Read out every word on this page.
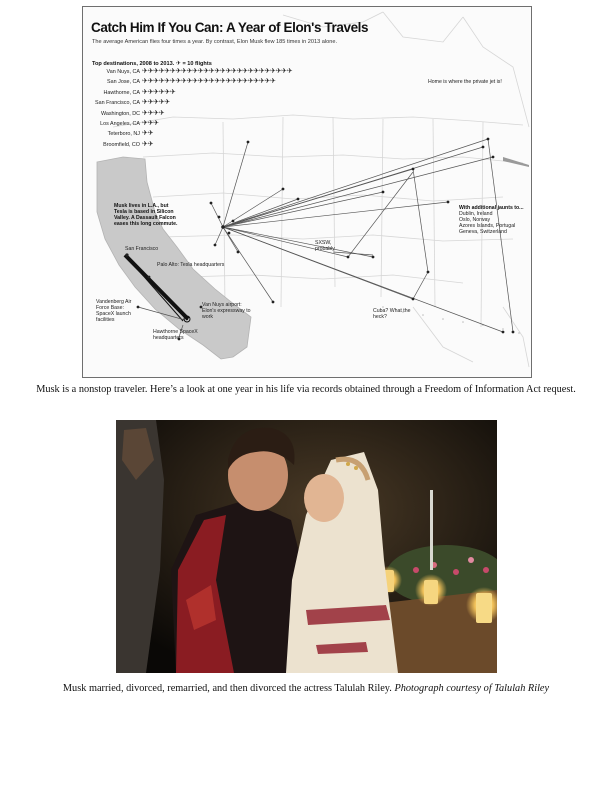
Catch Him If You Can: A Year of Elon's Travels
The average American flies four times a year. By contrast, Elon Musk flew 185 times in 2013 alone.
Top destinations, 2008 to 2013. ✈ = 10 flights
Van Nuys, CA ✈✈✈✈✈✈✈✈✈✈✈✈✈✈✈✈✈✈✈✈✈✈✈✈✈✈✈
San Jose, CA ✈✈✈✈✈✈✈✈✈✈✈✈✈✈✈✈✈✈✈✈✈✈✈✈
Hawthorne, CA ✈✈✈✈✈✈
San Francisco, CA ✈✈✈✈✈
Washington, DC ✈✈✈✈
Los Angeles, CA ✈✈✈
Teterboro, NJ ✈✈
Broomfield, CO ✈✈
Home is where the private jet is!
Musk lives in L.A., but Tesla is based in Silicon Valley. A Dassault Falcon eases this long commute.
San Francisco
Palo Alto: Tesla headquarters
Van Nuys airport: Elon's expressway to work
Vandenberg Air Force Base: SpaceX launch facilities
Hawthorne SpaceX headquarters
SXSW, probably
Cuba? What the heck?
With additional jaunts to...
Dublin, Ireland
Oslo, Norway
Azores Islands, Portugal
Geneva, Switzerland
Musk is a nonstop traveler. Here’s a look at one year in his life via records obtained through a Freedom of Information Act request.
Musk married, divorced, remarried, and then divorced the actress Talulah Riley. Photograph courtesy of Talulah Riley
